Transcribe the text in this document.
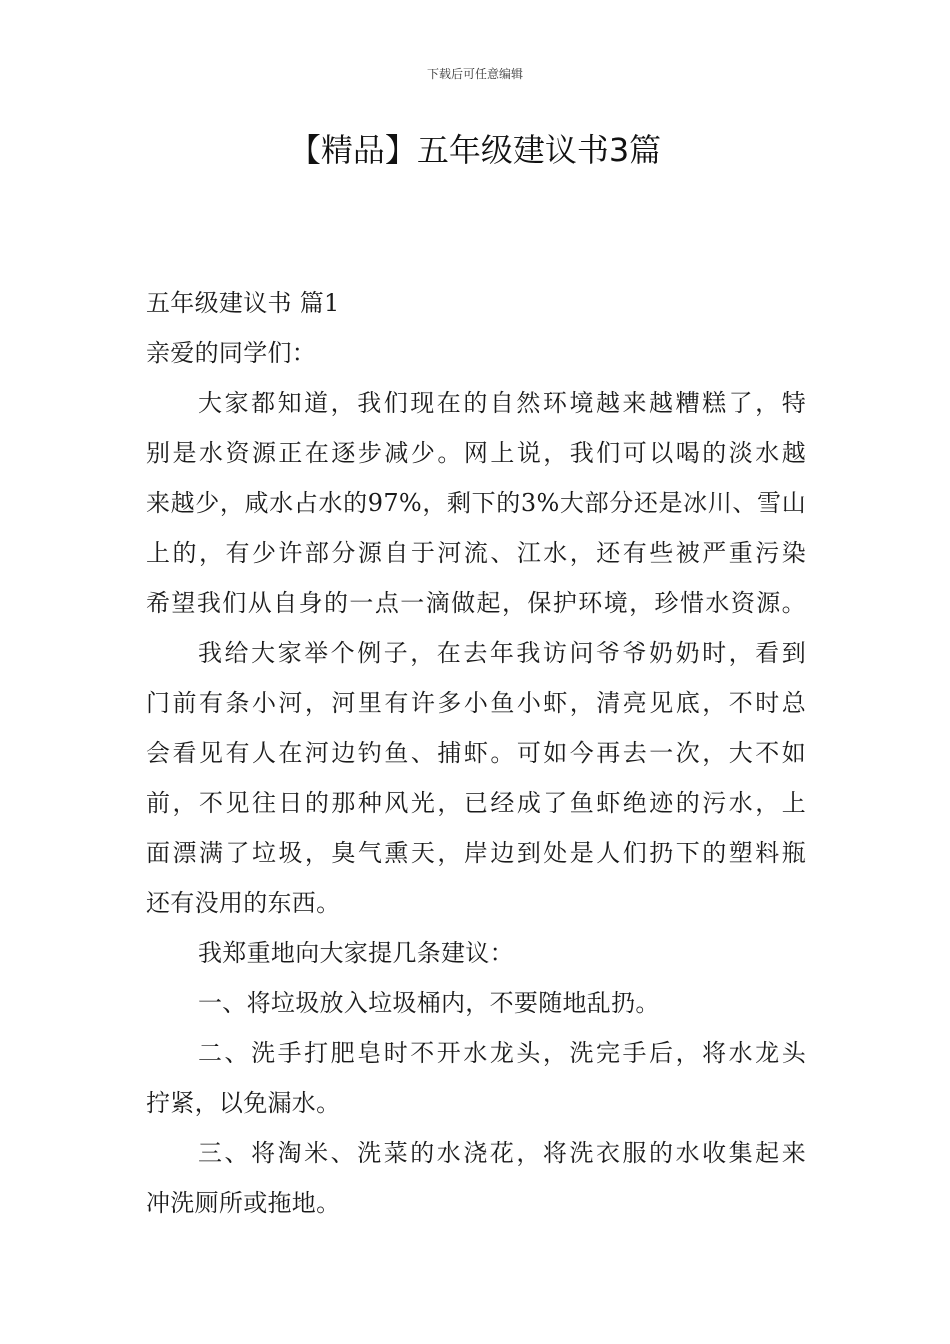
下载后可任意编辑
【精品】五年级建议书3篇
五年级建议书 篇1
亲爱的同学们：
大家都知道，我们现在的自然环境越来越糟糕了，特
别是水资源正在逐步减少。网上说，我们可以喝的淡水越
来越少，咸水占水的97%，剩下的3%大部分还是冰川、雪山
上的，有少许部分源自于河流、江水，还有些被严重污染
希望我们从自身的一点一滴做起，保护环境，珍惜水资源。
我给大家举个例子，在去年我访问爷爷奶奶时，看到
门前有条小河，河里有许多小鱼小虾，清亮见底，不时总
会看见有人在河边钓鱼、捕虾。可如今再去一次，大不如
前，不见往日的那种风光，已经成了鱼虾绝迹的污水，上
面漂满了垃圾，臭气熏天，岸边到处是人们扔下的塑料瓶
还有没用的东西。
我郑重地向大家提几条建议：
一、将垃圾放入垃圾桶内，不要随地乱扔。
二、洗手打肥皂时不开水龙头，洗完手后，将水龙头
拧紧，以免漏水。
三、将淘米、洗菜的水浇花，将洗衣服的水收集起来
冲洗厕所或拖地。
